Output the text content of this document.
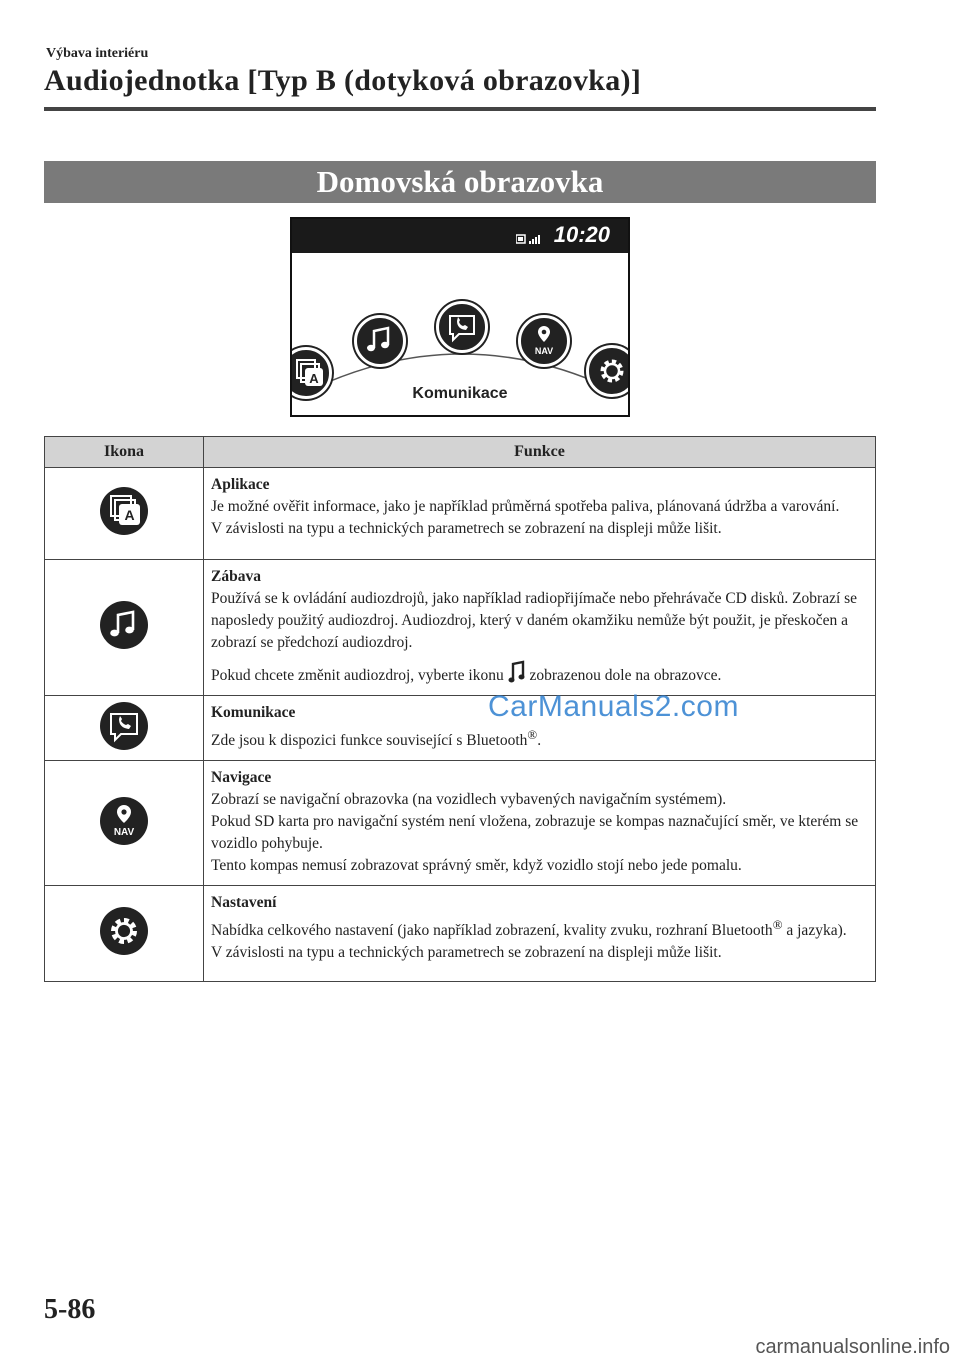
Výbava interiéru
Audiojednotka [Typ B (dotyková obrazovka)]
Domovská obrazovka
10:20
A
NAV
Komunikace
Ikona	Funkce

A	Aplikace
Je možné ověřit informace, jako je například průměrná spotřeba paliva, plánovaná údržba a varování.
V závislosti na typu a technických parametrech se zobrazení na displeji může lišit.

Zábava
Používá se k ovládání audiozdrojů, jako například radiopřijímače nebo přehrávače CD disků. Zobrazí se naposledy použitý audiozdroj. Audiozdroj, který v daném okamžiku nemůže být použit, je přeskočen a zobrazí se předchozí audiozdroj.
Pokud chcete změnit audiozdroj, vyberte ikonu zobrazenou dole na obrazovce.

Komunikace
Zde jsou k dispozici funkce související s Bluetooth®.

NAV	Navigace
Zobrazí se navigační obrazovka (na vozidlech vybavených navigačním systémem).
Pokud SD karta pro navigační systém není vložena, zobrazuje se kompas naznačující směr, ve kterém se vozidlo pohybuje.
Tento kompas nemusí zobrazovat správný směr, když vozidlo stojí nebo jede pomalu.

Nastavení
Nabídka celkového nastavení (jako například zobrazení, kvality zvuku, rozhraní Bluetooth® a jazyka).
V závislosti na typu a technických parametrech se zobrazení na displeji může lišit.
CarManuals2.com
5-86
carmanualsonline.info
